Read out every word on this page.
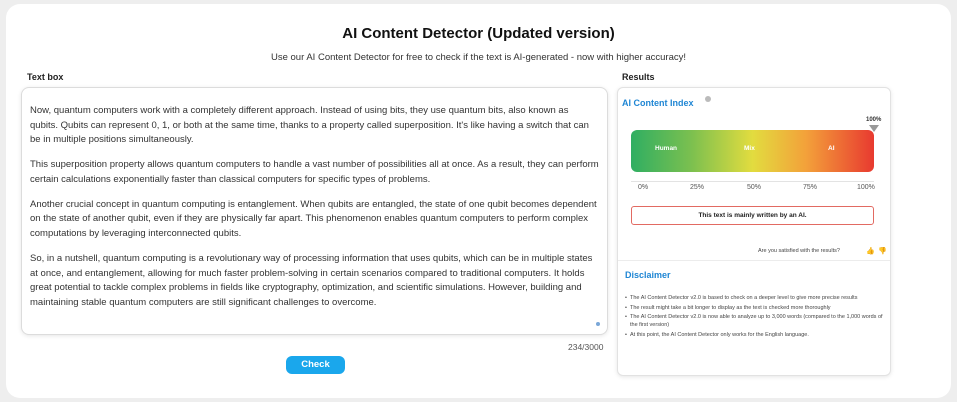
AI Content Detector (Updated version)
Use our AI Content Detector for free to check if the text is AI-generated - now with higher accuracy!
Text box	Results

Now, quantum computers work with a completely different approach. Instead of using bits, they use quantum bits, also known as qubits. Qubits can represent 0, 1, or both at the same time, thanks to a property called superposition. It's like having a switch that can be in multiple positions simultaneously.

This superposition property allows quantum computers to handle a vast number of possibilities all at once. As a result, they can perform certain calculations exponentially faster than classical computers for specific types of problems.

Another crucial concept in quantum computing is entanglement. When qubits are entangled, the state of one qubit becomes dependent on the state of another qubit, even if they are physically far apart. This phenomenon enables quantum computers to perform complex computations by leveraging interconnected qubits.

So, in a nutshell, quantum computing is a revolutionary way of processing information that uses qubits, which can be in multiple states at once, and entanglement, allowing for much faster problem-solving in certain scenarios compared to traditional computers. It holds great potential to tackle complex problems in fields like cryptography, optimization, and scientific simulations. However, building and maintaining stable quantum computers are still significant challenges to overcome.

234/3000
Check
AI Content Index
100%
Human	Mix	AI
0%	25%	50%	75%	100%
This text is mainly written by an AI.
Are you satisfied with the results?	👍 👎
Disclaimer
• The AI Content Detector v2.0 is based to check on a deeper level to give more precise results
• The result might take a bit longer to display as the text is checked more thoroughly
• The AI Content Detector v2.0 is now able to analyze up to 3,000 words (compared to the 1,000 words of the first version)
• At this point, the AI Content Detector only works for the English language.
